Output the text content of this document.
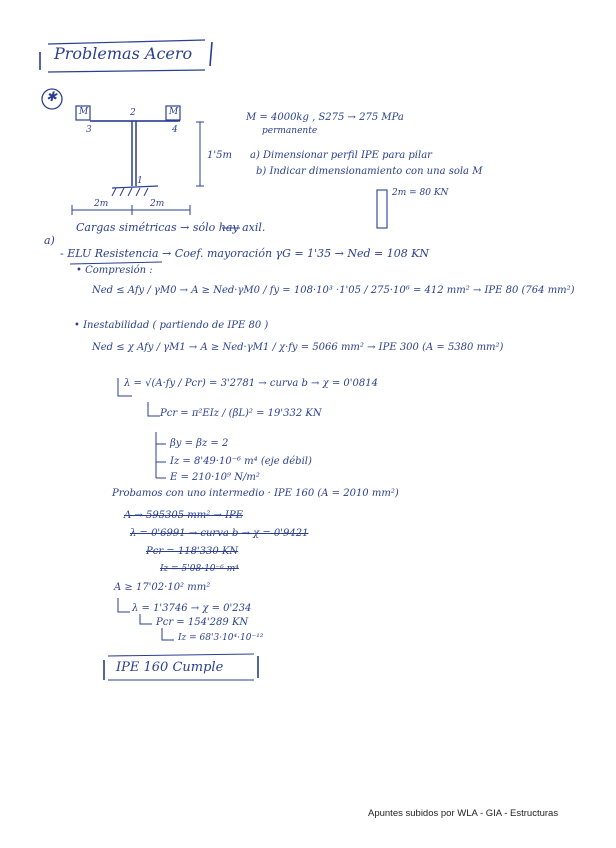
Problemas Acero
✱
M	2	M
3	4
1
1'5m
2m	2m
M = 4000kg , S275 → 275 MPa
permanente
a) Dimensionar perfil IPE para pilar
b) Indicar dimensionamiento con una sola M
2m = 80 KN
a)
Cargas simétricas → sólo hay axil.
- ELU Resistencia → Coef. mayoración γG = 1'35 → Ned = 108 KN
• Compresión :
Ned ≤ Afy / γM0 → A ≥ Ned·γM0 / fy = 108·10³ ·1'05 / 275·10⁶ = 412 mm² → IPE 80 (764 mm²)
• Inestabilidad ( partiendo de IPE 80 )
Ned ≤ χ Afy / γM1 → A ≥ Ned·γM1 / χ·fy = 5066 mm² → IPE 300 (A = 5380 mm²)
λ = √(A·fy / Pcr) = 3'2781 → curva b → χ = 0'0814
Pcr = π²EIz / (βL)² = 19'332 KN
βy = βz = 2
Iz = 8'49·10⁻⁶ m⁴ (eje débil)
E = 210·10⁹ N/m²
Probamos con uno intermedio · IPE 160 (A = 2010 mm²)
A → 595305 mm² → IPE
λ = 0'6991 → curva b → χ = 0'9421
Pcr = 118'330 KN
Iz = 5'08·10⁻⁶ m⁴
A ≥ 17'02·10² mm²
λ = 1'3746 → χ = 0'234
Pcr = 154'289 KN
Iz = 68'3·10⁴·10⁻¹²
IPE 160 Cumple
Apuntes subidos por WLA - GIA - Estructuras
